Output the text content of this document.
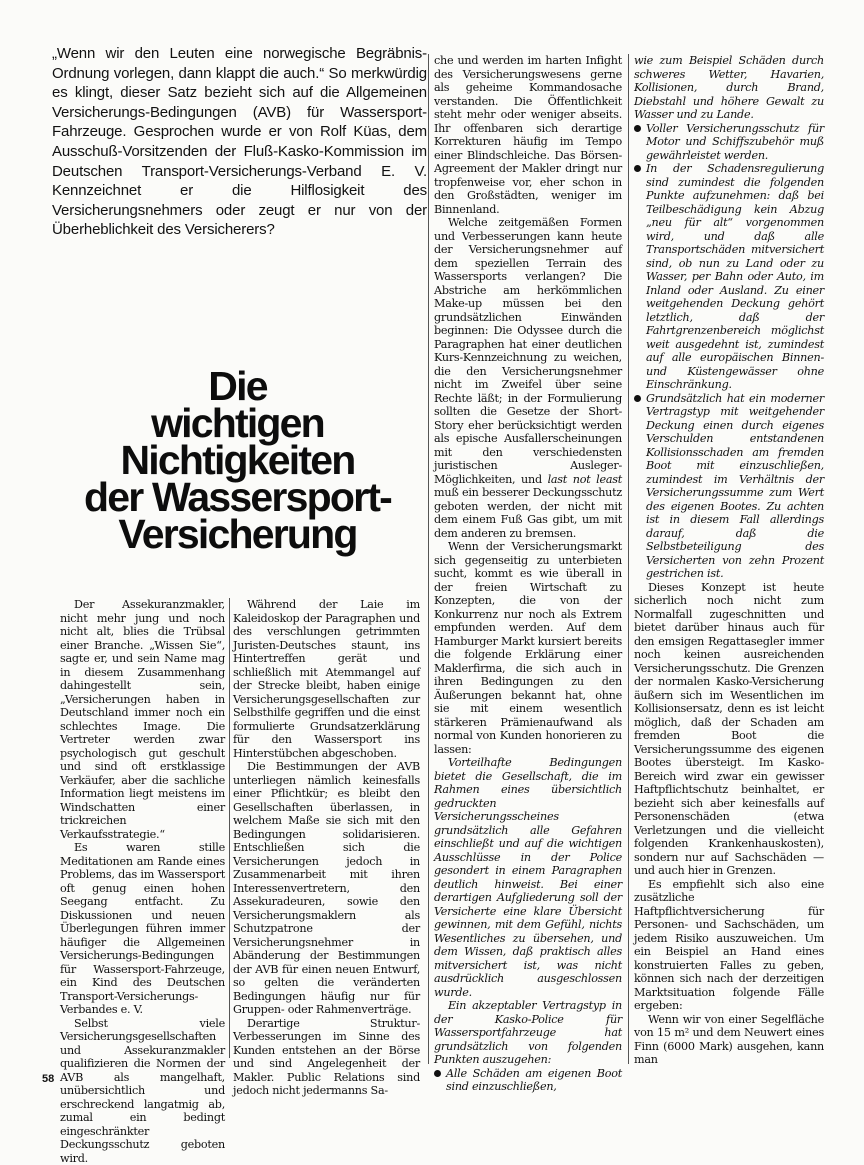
„Wenn wir den Leuten eine norwegische Begräbnis-Ordnung vorlegen, dann klappt die auch.“ So merkwürdig es klingt, dieser Satz bezieht sich auf die Allgemeinen Versicherungs-Bedingungen (AVB) für Wassersport-Fahrzeuge. Gesprochen wurde er von Rolf Küas, dem Ausschuß-Vorsitzenden der Fluß-Kasko-Kommission im Deutschen Transport-Versicherungs-Verband E. V. Kennzeichnet er die Hilflosigkeit des Versicherungsnehmers oder zeugt er nur von der Überheblichkeit des Versicherers?

Die
wichtigen
Nichtigkeiten
der Wassersport-
Versicherung

Der Assekuranzmakler, nicht mehr jung und noch nicht alt, blies die Trübsal einer Branche. „Wissen Sie“, sagte er, und sein Name mag in diesem Zusammenhang dahingestellt sein, „Versicherungen haben in Deutschland immer noch ein schlechtes Image. Die Vertreter werden zwar psychologisch gut geschult und sind oft erstklassige Verkäufer, aber die sachliche Information liegt meistens im Windschatten einer trickreichen Verkaufsstrategie.“

Es waren stille Meditationen am Rande eines Problems, das im Wassersport oft genug einen hohen Seegang entfacht. Zu Diskussionen und neuen Überlegungen führen immer häufiger die Allgemeinen Versicherungs-Bedingungen für Wassersport-Fahrzeuge, ein Kind des Deutschen Transport-Versicherungs-Verbandes e. V.

Selbst viele Versicherungsgesellschaften und Assekuranzmakler qualifizieren die Normen der AVB als mangelhaft, unübersichtlich und erschreckend langatmig ab, zumal ein bedingt eingeschränkter Deckungsschutz geboten wird.

Während der Laie im Kaleidoskop der Paragraphen und des verschlungen getrimmten Juristen-Deutsches staunt, ins Hintertreffen gerät und schließlich mit Atemmangel auf der Strecke bleibt, haben einige Versicherungsgesellschaften zur Selbsthilfe gegriffen und die einst formulierte Grundsatzerklärung für den Wassersport ins Hinterstübchen abgeschoben.

Die Bestimmungen der AVB unterliegen nämlich keinesfalls einer Pflichtkür; es bleibt den Gesellschaften überlassen, in welchem Maße sie sich mit den Bedingungen solidarisieren. Entschließen sich die Versicherungen jedoch in Zusammenarbeit mit ihren Interessenvertretern, den Assekuradeuren, sowie den Versicherungsmaklern als Schutzpatrone der Versicherungsnehmer in Abänderung der Bestimmungen der AVB für einen neuen Entwurf, so gelten die veränderten Bedingungen häufig nur für Gruppen- oder Rahmenverträge.

Derartige Struktur-Verbesserungen im Sinne des Kunden entstehen an der Börse und sind Angelegenheit der Makler. Public Relations sind jedoch nicht jedermanns Sa-

che und werden im harten Infight des Versicherungswesens gerne als geheime Kommandosache verstanden. Die Öffentlichkeit steht mehr oder weniger abseits. Ihr offenbaren sich derartige Korrekturen häufig im Tempo einer Blindschleiche. Das Börsen-Agreement der Makler dringt nur tropfenweise vor, eher schon in den Großstädten, weniger im Binnenland.

Welche zeitgemäßen Formen und Verbesserungen kann heute der Versicherungsnehmer auf dem speziellen Terrain des Wassersports verlangen? Die Abstriche am herkömmlichen Make-up müssen bei den grundsätzlichen Einwänden beginnen: Die Odyssee durch die Paragraphen hat einer deutlichen Kurs-Kennzeichnung zu weichen, die den Versicherungsnehmer nicht im Zweifel über seine Rechte läßt; in der Formulierung sollten die Gesetze der Short-Story eher berücksichtigt werden als epische Ausfallerscheinungen mit den verschiedensten juristischen Ausleger-Möglichkeiten, und last not least muß ein besserer Deckungsschutz geboten werden, der nicht mit dem einem Fuß Gas gibt, um mit dem anderen zu bremsen.

Wenn der Versicherungsmarkt sich gegenseitig zu unterbieten sucht, kommt es wie überall in der freien Wirtschaft zu Konzepten, die von der Konkurrenz nur noch als Extrem empfunden werden. Auf dem Hamburger Markt kursiert bereits die folgende Erklärung einer Maklerfirma, die sich auch in ihren Bedingungen zu den Äußerungen bekannt hat, ohne sie mit einem wesentlich stärkeren Prämienaufwand als normal von Kunden honorieren zu lassen:

Vorteilhafte Bedingungen bietet die Gesellschaft, die im Rahmen eines übersichtlich gedruckten Versicherungsscheines grundsätzlich alle Gefahren einschließt und auf die wichtigen Ausschlüsse in der Police gesondert in einem Paragraphen deutlich hinweist. Bei einer derartigen Aufgliederung soll der Versicherte eine klare Übersicht gewinnen, mit dem Gefühl, nichts Wesentliches zu übersehen, und dem Wissen, daß praktisch alles mitversichert ist, was nicht ausdrücklich ausgeschlossen wurde.

Ein akzeptabler Vertragstyp in der Kasko-Police für Wassersportfahrzeuge hat grundsätzlich von folgenden Punkten auszugehen:

Alle Schäden am eigenen Boot sind einzuschließen,

wie zum Beispiel Schäden durch schweres Wetter, Havarien, Kollisionen, durch Brand, Diebstahl und höhere Gewalt zu Wasser und zu Lande.

Voller Versicherungsschutz für Motor und Schiffszubehör muß gewährleistet werden.

In der Schadensregulierung sind zumindest die folgenden Punkte aufzunehmen: daß bei Teilbeschädigung kein Abzug „neu für alt“ vorgenommen wird, und daß alle Transportschäden mitversichert sind, ob nun zu Land oder zu Wasser, per Bahn oder Auto, im Inland oder Ausland. Zu einer weitgehenden Deckung gehört letztlich, daß der Fahrtgrenzenbereich möglichst weit ausgedehnt ist, zumindest auf alle europäischen Binnen- und Küstengewässer ohne Einschränkung.

Grundsätzlich hat ein moderner Vertragstyp mit weitgehender Deckung einen durch eigenes Verschulden entstandenen Kollisionsschaden am fremden Boot mit einzuschließen, zumindest im Verhältnis der Versicherungssumme zum Wert des eigenen Bootes. Zu achten ist in diesem Fall allerdings darauf, daß die Selbstbeteiligung des Versicherten von zehn Prozent gestrichen ist.

Dieses Konzept ist heute sicherlich noch nicht zum Normalfall zugeschnitten und bietet darüber hinaus auch für den emsigen Regattasegler immer noch keinen ausreichenden Versicherungsschutz. Die Grenzen der normalen Kasko-Versicherung äußern sich im Wesentlichen im Kollisionsersatz, denn es ist leicht möglich, daß der Schaden am fremden Boot die Versicherungssumme des eigenen Bootes übersteigt. Im Kasko-Bereich wird zwar ein gewisser Haftpflichtschutz beinhaltet, er bezieht sich aber keinesfalls auf Personenschäden (etwa Verletzungen und die vielleicht folgenden Krankenhauskosten), sondern nur auf Sachschäden — und auch hier in Grenzen.

Es empfiehlt sich also eine zusätzliche Haftpflichtversicherung für Personen- und Sachschäden, um jedem Risiko auszuweichen. Um ein Beispiel an Hand eines konstruierten Falles zu geben, können sich nach der derzeitigen Marktsituation folgende Fälle ergeben:

Wenn wir von einer Segelfläche von 15 m² und dem Neuwert eines Finn (6000 Mark) ausgehen, kann man

58
